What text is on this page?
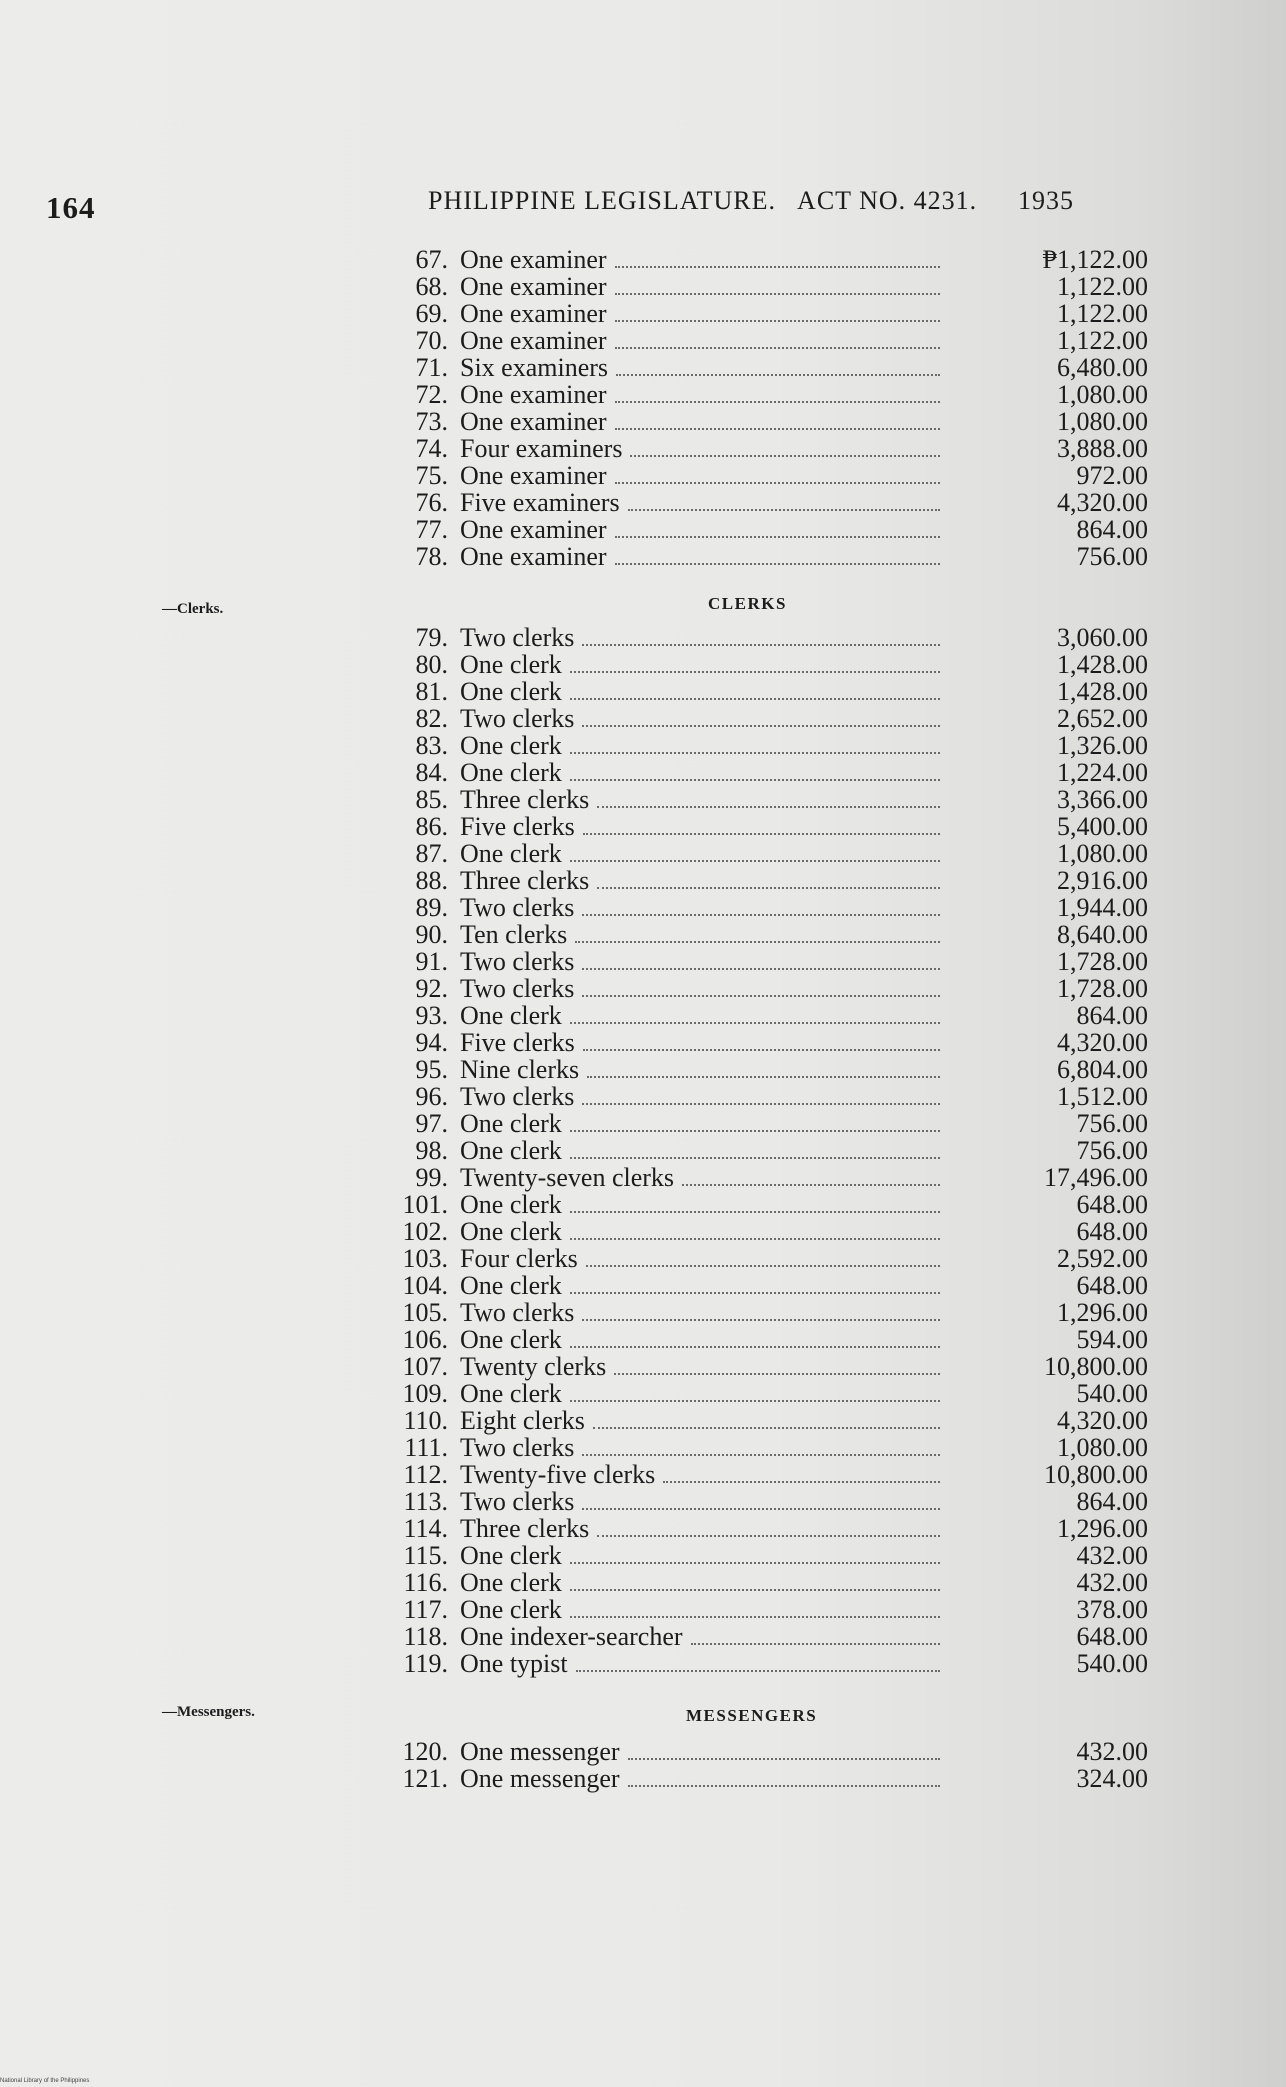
164	PHILIPPINE LEGISLATURE.   ACT NO. 4231. 1935
67. One examiner	₱1,122.00
68. One examiner	1,122.00
69. One examiner	1,122.00
70. One examiner	1,122.00
71. Six examiners	6,480.00
72. One examiner	1,080.00
73. One examiner	1,080.00
74. Four examiners	3,888.00
75. One examiner	972.00
76. Five examiners	4,320.00
77. One examiner	864.00
78. One examiner	756.00
—Clerks.	CLERKS
79. Two clerks	3,060.00
80. One clerk	1,428.00
81. One clerk	1,428.00
82. Two clerks	2,652.00
83. One clerk	1,326.00
84. One clerk	1,224.00
85. Three clerks	3,366.00
86. Five clerks	5,400.00
87. One clerk	1,080.00
88. Three clerks	2,916.00
89. Two clerks	1,944.00
90. Ten clerks	8,640.00
91. Two clerks	1,728.00
92. Two clerks	1,728.00
93. One clerk	864.00
94. Five clerks	4,320.00
95. Nine clerks	6,804.00
96. Two clerks	1,512.00
97. One clerk	756.00
98. One clerk	756.00
99. Twenty-seven clerks	17,496.00
101. One clerk	648.00
102. One clerk	648.00
103. Four clerks	2,592.00
104. One clerk	648.00
105. Two clerks	1,296.00
106. One clerk	594.00
107. Twenty clerks	10,800.00
109. One clerk	540.00
110. Eight clerks	4,320.00
111. Two clerks	1,080.00
112. Twenty-five clerks	10,800.00
113. Two clerks	864.00
114. Three clerks	1,296.00
115. One clerk	432.00
116. One clerk	432.00
117. One clerk	378.00
118. One indexer-searcher	648.00
119. One typist	540.00
—Messengers.	MESSENGERS
120. One messenger	432.00
121. One messenger	324.00
National Library of the Philippines
